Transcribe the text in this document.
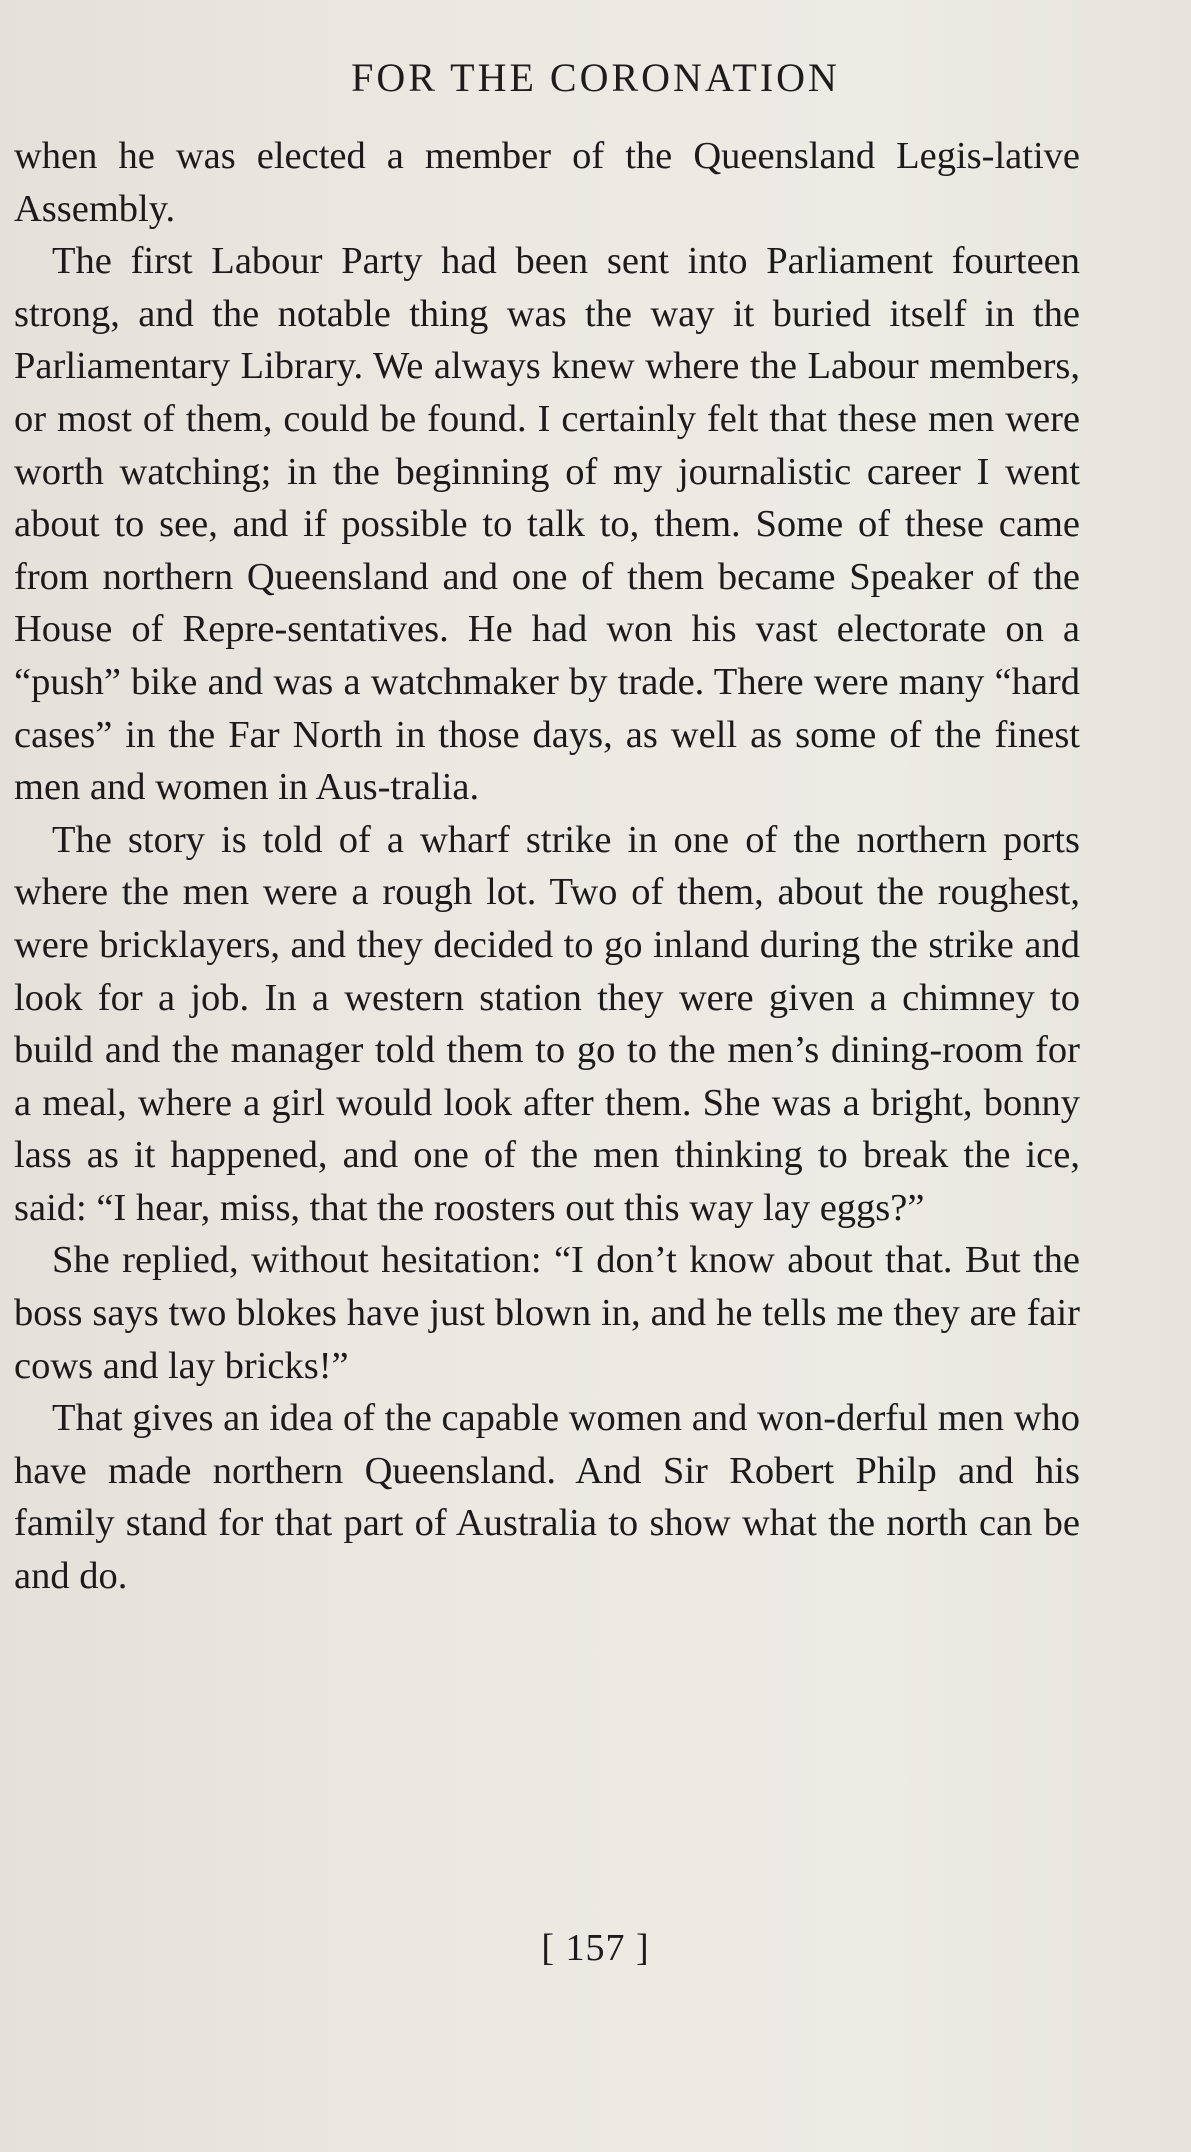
FOR THE CORONATION

when he was elected a member of the Queensland Legis-lative Assembly.

The first Labour Party had been sent into Parliament fourteen strong, and the notable thing was the way it buried itself in the Parliamentary Library. We always knew where the Labour members, or most of them, could be found. I certainly felt that these men were worth watching; in the beginning of my journalistic career I went about to see, and if possible to talk to, them. Some of these came from northern Queensland and one of them became Speaker of the House of Repre-sentatives. He had won his vast electorate on a “push” bike and was a watchmaker by trade. There were many “hard cases” in the Far North in those days, as well as some of the finest men and women in Aus-tralia.

The story is told of a wharf strike in one of the northern ports where the men were a rough lot. Two of them, about the roughest, were bricklayers, and they decided to go inland during the strike and look for a job. In a western station they were given a chimney to build and the manager told them to go to the men’s dining-room for a meal, where a girl would look after them. She was a bright, bonny lass as it happened, and one of the men thinking to break the ice, said: “I hear, miss, that the roosters out this way lay eggs?”

She replied, without hesitation: “I don’t know about that. But the boss says two blokes have just blown in, and he tells me they are fair cows and lay bricks!”

That gives an idea of the capable women and won-derful men who have made northern Queensland. And Sir Robert Philp and his family stand for that part of Australia to show what the north can be and do.

[ 157 ]
